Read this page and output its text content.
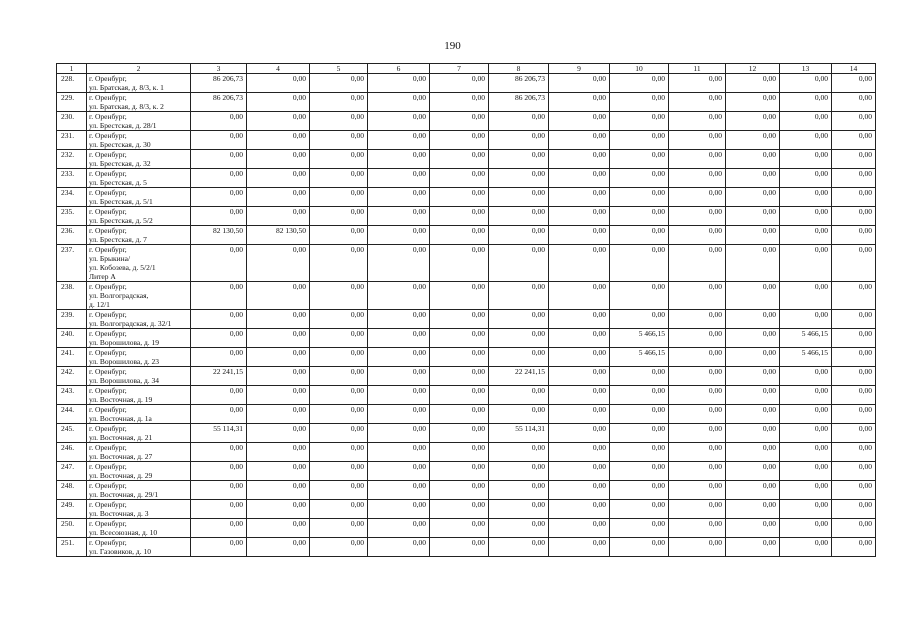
190
1	2	3	4	5	6	7	8	9	10	11	12	13	14
228.	г. Оренбург,
ул. Братская, д. 8/3, к. 1	86 206,73	0,00	0,00	0,00	0,00	86 206,73	0,00	0,00	0,00	0,00	0,00	0,00
229.	г. Оренбург,
ул. Братская, д. 8/3, к. 2	86 206,73	0,00	0,00	0,00	0,00	86 206,73	0,00	0,00	0,00	0,00	0,00	0,00
230.	г. Оренбург,
ул. Брестская, д. 28/1	0,00	0,00	0,00	0,00	0,00	0,00	0,00	0,00	0,00	0,00	0,00	0,00
231.	г. Оренбург,
ул. Брестская, д. 30	0,00	0,00	0,00	0,00	0,00	0,00	0,00	0,00	0,00	0,00	0,00	0,00
232.	г. Оренбург,
ул. Брестская, д. 32	0,00	0,00	0,00	0,00	0,00	0,00	0,00	0,00	0,00	0,00	0,00	0,00
233.	г. Оренбург,
ул. Брестская, д. 5	0,00	0,00	0,00	0,00	0,00	0,00	0,00	0,00	0,00	0,00	0,00	0,00
234.	г. Оренбург,
ул. Брестская, д. 5/1	0,00	0,00	0,00	0,00	0,00	0,00	0,00	0,00	0,00	0,00	0,00	0,00
235.	г. Оренбург,
ул. Брестская, д. 5/2	0,00	0,00	0,00	0,00	0,00	0,00	0,00	0,00	0,00	0,00	0,00	0,00
236.	г. Оренбург,
ул. Брестская, д. 7	82 130,50	82 130,50	0,00	0,00	0,00	0,00	0,00	0,00	0,00	0,00	0,00	0,00
237.	г. Оренбург,
ул. Брыкина/
ул. Кобозева, д. 5/2/1
Литер А	0,00	0,00	0,00	0,00	0,00	0,00	0,00	0,00	0,00	0,00	0,00	0,00
238.	г. Оренбург,
ул. Волгоградская,
д. 12/1	0,00	0,00	0,00	0,00	0,00	0,00	0,00	0,00	0,00	0,00	0,00	0,00
239.	г. Оренбург,
ул. Волгоградская, д. 32/1	0,00	0,00	0,00	0,00	0,00	0,00	0,00	0,00	0,00	0,00	0,00	0,00
240.	г. Оренбург,
ул. Ворошилова, д. 19	0,00	0,00	0,00	0,00	0,00	0,00	0,00	5 466,15	0,00	0,00	5 466,15	0,00
241.	г. Оренбург,
ул. Ворошилова, д. 23	0,00	0,00	0,00	0,00	0,00	0,00	0,00	5 466,15	0,00	0,00	5 466,15	0,00
242.	г. Оренбург,
ул. Ворошилова, д. 34	22 241,15	0,00	0,00	0,00	0,00	22 241,15	0,00	0,00	0,00	0,00	0,00	0,00
243.	г. Оренбург,
ул. Восточная, д. 19	0,00	0,00	0,00	0,00	0,00	0,00	0,00	0,00	0,00	0,00	0,00	0,00
244.	г. Оренбург,
ул. Восточная, д. 1а	0,00	0,00	0,00	0,00	0,00	0,00	0,00	0,00	0,00	0,00	0,00	0,00
245.	г. Оренбург,
ул. Восточная, д. 21	55 114,31	0,00	0,00	0,00	0,00	55 114,31	0,00	0,00	0,00	0,00	0,00	0,00
246.	г. Оренбург,
ул. Восточная, д. 27	0,00	0,00	0,00	0,00	0,00	0,00	0,00	0,00	0,00	0,00	0,00	0,00
247.	г. Оренбург,
ул. Восточная, д. 29	0,00	0,00	0,00	0,00	0,00	0,00	0,00	0,00	0,00	0,00	0,00	0,00
248.	г. Оренбург,
ул. Восточная, д. 29/1	0,00	0,00	0,00	0,00	0,00	0,00	0,00	0,00	0,00	0,00	0,00	0,00
249.	г. Оренбург,
ул. Восточная, д. 3	0,00	0,00	0,00	0,00	0,00	0,00	0,00	0,00	0,00	0,00	0,00	0,00
250.	г. Оренбург,
ул. Всесоюзная, д. 10	0,00	0,00	0,00	0,00	0,00	0,00	0,00	0,00	0,00	0,00	0,00	0,00
251.	г. Оренбург,
ул. Газовиков, д. 10	0,00	0,00	0,00	0,00	0,00	0,00	0,00	0,00	0,00	0,00	0,00	0,00
